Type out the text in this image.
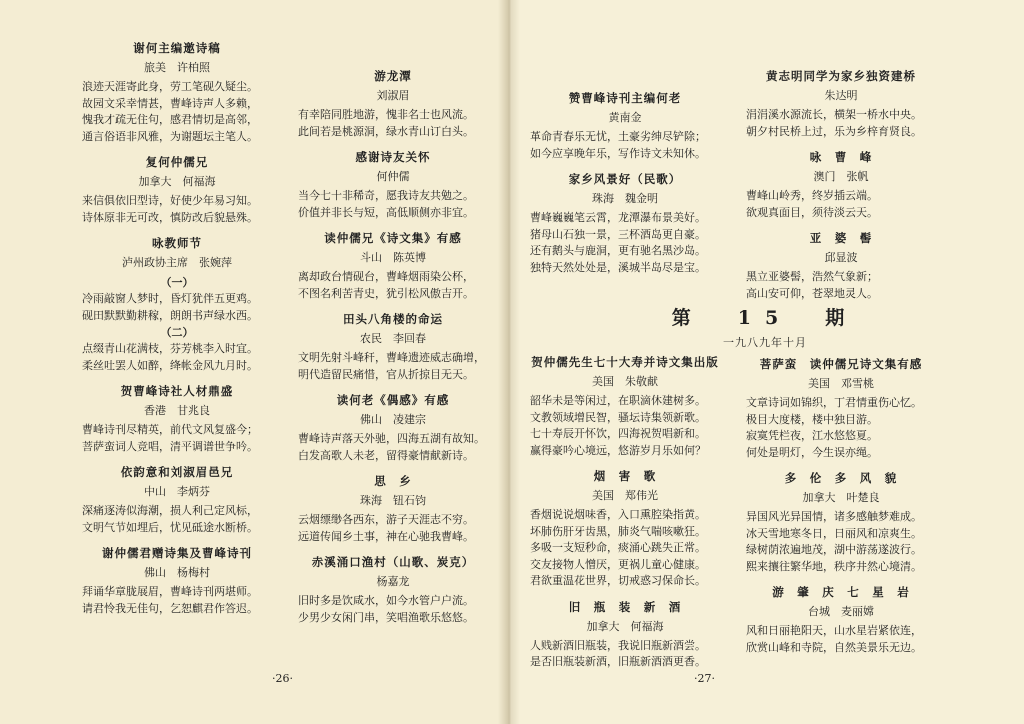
谢何主编邀诗稿
旅美　许柏照
浪迹天涯寄此身，劳工笔砚久疑尘。
故园文采幸情甚，曹峰诗声人多赖，
愧我才疏无住句，感君情切是高邻，
通言俗语非风雅，为谢题坛主笔人。
复何仲儒兄
加拿大　何福海
来信俱依旧型诗，好使少年易习知。
诗体原非无可改，慎防改后貌悬殊。
咏教师节
泸州政协主席　张婉萍
（一）
冷雨敲窗人梦时，昏灯犹伴五更鸡。
砚田默默勤耕稼，朗朗书声绿水西。
（二）
点缀青山花满枝，芬芳桃李入时宜。
柔丝吐罢人如醉，绛帐金风九月时。
贺曹峰诗社人材鼎盛
香港　甘兆良
曹峰诗刊尽精英，前代文风复盛今；
菩萨蛮词人竞唱，清平调谱世争吟。
依韵意和刘淑眉邑兄
中山　李炳芬
深痛逐涛似海潮，损人利己定风标，
文明气节如埋后，忧见砥途水断桥。
谢仲儒君赠诗集及曹峰诗刊
佛山　杨梅村
拜诵华章胧展眉，曹峰诗刊两堪师。
请君怜我无佳句，乞恕麒君作答迟。
游龙潭
刘淑眉
有幸陪同胜地游，愧非名士也风流。
此间若是桃源洞，绿水青山订白头。
感谢诗友关怀
何仲儒
当今七十非稀奇，愿我诗友共勉之。
价值并非长与短，高低顺侧亦非宜。
读仲儒兄《诗文集》有感
斗山　陈英博
离却政台情砚台，曹峰烟雨染公杯，
不图名利苦青史，犹引松风傲吉开。
田头八角楼的命运
农民　李回春
文明先射斗峰秆，曹峰遗迹威志确增，
明代造留民痛惜，官从折掠目无天。
读何老《偶感》有感
佛山　凌建宗
曹峰诗声落天外驰，四海五湖有故知。
白发高歌人未老，留得豪情献新诗。
思　乡
珠海　钮石钧
云烟缥缈各西东，游子天涯志不穷。
远道传闻乡土事，神在心驰我曹峰。
赤溪涌口渔村（山歌、炭克）
杨嘉龙
旧时多是饮咸水，如今水管户户流。
少男少女闲门串，笑唱渔歌乐悠悠。
·26·
赞曹峰诗刊主编何老
黄南金
革命青春乐无忧，土豪劣绅尽铲除；
如今应享晚年乐，写作诗文未知休。
家乡风景好（民歌）
珠海　魏金明
曹峰巍巍笔云霄，龙潭瀑布景美好。
猪母山石独一景，三杯酒岛更自豪。
还有鹅头与鹿洞，更有驰名黑沙岛。
独特天然处处是，溪城半岛尽是宝。
贺仲儒先生七十大寿并诗文集出版
美国　朱敬献
韶华未是等闲过，在职滴休建树多。
文教领域增民智，骚坛诗集领新歌。
七十寿辰开怀饮，四海祝贺唱新和。
赢得豪吟心境远，悠游岁月乐如何？
烟　害　歌
美国　郑伟光
香烟说说烟味香，入口熏腔染指黄。
坏肺伤肝牙齿黑，肺炎气喘咳嗽狂。
多吸一支短秒命，痰涌心跳失正常。
交友接物人憎厌，更祸儿童心健康。
君欲重温花世界，切戒惑习保命长。
旧　瓶　装　新　酒
加拿大　何福海
人贱新酒旧瓶装，我说旧瓶新酒尝。
是否旧瓶装新酒，旧瓶新酒酒更香。
黄志明同学为家乡独资建桥
朱达明
涓涓溪水源流长，横架一桥水中央。
朝夕村民桥上过，乐为乡梓育贤良。
咏　曹　峰
澳门　张帆
曹峰山岭秀，终岁插云端。
欲观真面目，须待淡云天。
亚　婆　髻
邱显波
黑立亚婆髻，浩然气象新；
高山安可仰，苍翠地灵人。
菩萨蛮　读仲儒兄诗文集有感
美国　邓雪桃
文章诗词如锦织，丁君情重伤心忆。
极目大度楼，楼中独目游。
寂寞凭栏夜，江水悠悠夏。
何处是明灯，今生误亦绳。
多　伦　多　风　貌
加拿大　叶楚良
异国风光异国情，诸多感触梦难成。
冰天雪地寒冬日，日丽风和凉爽生。
绿树荫浓遍地茂，湖中游荡遂波行。
熙来攘往繁华地，秩序井然心境清。
游　肇　庆　七　星　岩
台城　麦丽嫦
风和日丽艳阳天，山水星岩紧依连，
欣赏山峰和寺院，自然美景乐无边。
·27·
第　15　期
一九八九年十月
